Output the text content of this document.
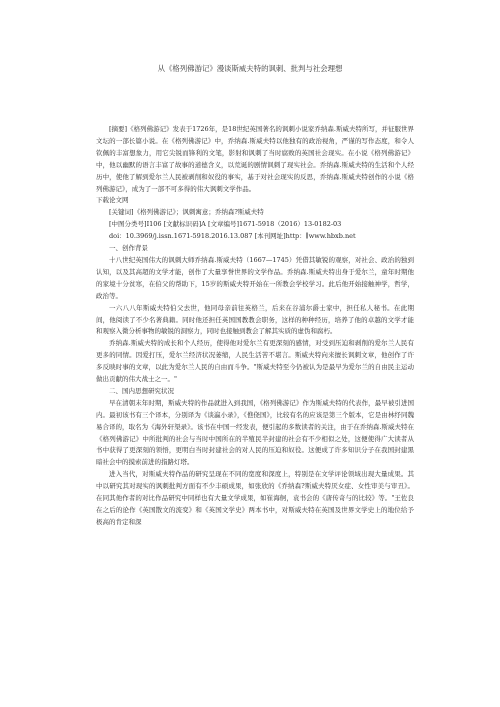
从《格列佛游记》漫谈斯威夫特的讽刺、批判与社会理想

[摘要]《格列佛游记》发表于1726年，是18世纪英国著名的讽刺小说家乔纳森.斯威夫特所写，并征服世界文坛的一部长篇小说。在《格列佛游记》中，乔纳森.斯威夫特以他独有的政治视角，严谨的写作态度，和令人钦佩的丰富想象力，用它尖锐而锋利的文笔，影射和讽刺了当时腐败的英国社会现实。在小说《格列佛游记》中，他以幽默的语言丰富了故事的道德含义，以荒诞的剧情讽刺了现实社会。乔纳森.斯威夫特的生活和个人经历中，使他了解到爱尔兰人民被剥削和奴役的事实，基于对社会现实的反思，乔纳森.斯威夫特创作的小说《格列佛游记》，成为了一部不可多得的伟大讽刺文学作品。

下载论文网

[关键词]《格列佛游记》；讽刺寓意；乔纳森?斯威夫特

[中图分类号]I106 [文献标识码]A [文章编号]1671-5918（2016）13-0182-03

doi：10.3969/j.issn.1671-5918.2016.13.087 [本刊网址]http：∥www.hbxb.net

一、创作背景

十八世纪英国伟大的讽刺大师乔纳森.斯威夫特（1667—1745）凭借其敏锐的观察，对社会、政治的独到认知，以及其高超的文学才能，创作了大量享誉世界的文学作品。乔纳森.斯威夫特出身于爱尔兰，童年时期他的家境十分贫寒，在伯父的帮助下，15岁的斯威夫特开始在一所教会学校学习。此后他开始接触神学，哲学，政治等。

一六八八年斯威夫特伯父去世，他同母亲前往英格兰，后来在谷浦尔爵士家中，担任私人秘书。在此期间，他阅读了不少名著典籍。同时他还担任英国国教教会职务，这样的种种经历，培养了他的卓越的文学才能和观察入微分析事物的敏锐的洞察力，同时也接触到教会了解其实质的虚伪和腐朽。

乔纳森.斯威夫特的成长和个人经历，使得他对爱尔兰有更深刻的感情，对受到压迫和剥削的爱尔兰人民有更多的同情。因爱打压，爱尔兰经济状况萎缩，人民生活苦不堪言。斯威夫特向来擅长讽刺文章，他创作了许多反映时事的文章，以此为爱尔兰人民的自由而斗争。"斯威夫特至今仍被认为是最早为爱尔兰的自由民主运动做出贡献的伟大战士之一。"

二、国内思想研究状况

早在清朝末年时期，斯威夫特的作品就进入到我国，《格列佛游记》作为斯威夫特的代表作，最早被引进国内。最初该书有三个译本，分别译为《谈瀛小录》，《僬侥国》，比较有名的应该是第三个版本，它是由林纾同魏易合译的，取名为《海外轩渠录》。该书在中国一经发表，便引起的多数读者的关注，由于在乔纳森.斯威夫特在《格列佛游记》中所批判的社会与当时中国所在的半殖民半封建的社会有不少相似之处，这便使得广大读者从书中获得了更深刻的领悟，更明白当时封建社会的对人民的压迫和奴役。这便成了许多知识分子在我国封建黑暗社会中的摸索前进的指路灯塔。

进入当代，对斯威夫特作品的研究呈现在不同的宽度和深度上，特别是在文学评论领域出现大量成果。其中以研究其对现实的讽刺批判方面有不少丰硕成果，如张欣的《乔纳森?斯威夫特厌女症、女性审美与审丑》。在同其他作者的对比作品研究中同样也有大量文学成果，如崔海舸，袁书会的《唐传奇与的比较》等。"王佐良在之后的论作《英国散文的流变》和《英国文学史》两本书中，对斯威夫特在英国及世界文学史上的地位给予极高的肯定和深
